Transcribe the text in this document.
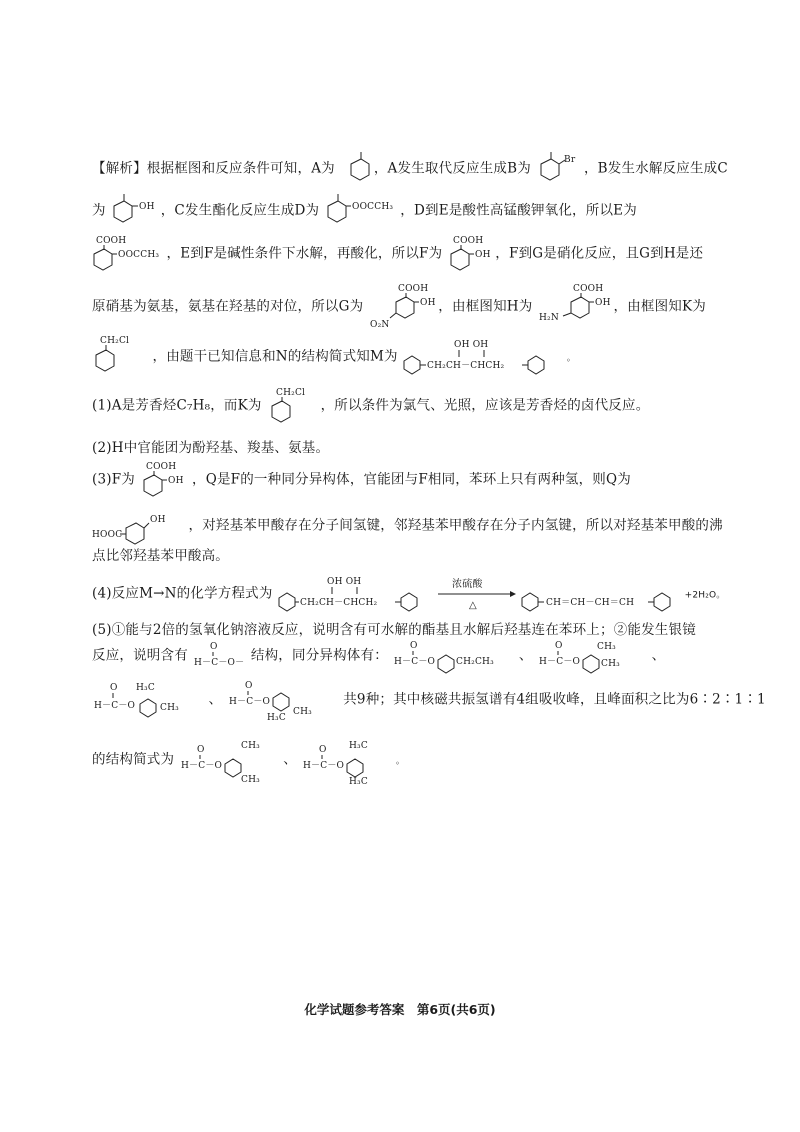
【解析】根据框图和反应条件可知，A为	，A发生取代反应生成B为
Br
，B发生水解反应生成C
为	OH ，C发生酯化反应生成D为	OOCCH₃ ，D到E是酸性高锰酸钾氧化，所以E为
COOH
OOCCH₃ ，E到F是碱性条件下水解，再酸化，所以F为
COOH
OH ，F到G是硝化反应，且G到H是还
原硝基为氨基，氨基在羟基的对位，所以G为
COOH
OH
O₂N
，由框图知H为
COOH
OH
H₂N
，由框图知K为
CH₂Cl
，由题干已知信息和N的结构简式知M为
OH OH
CH₂CH－CHCH₂
。
(1)A是芳香烃C₇H₈，而K为
CH₂Cl
，所以条件为氯气、光照，应该是芳香烃的卤代反应。
(2)H中官能团为酚羟基、羧基、氨基。
(3)F为
COOH
OH ，Q是F的一种同分异构体，官能团与F相同，苯环上只有两种氢，则Q为
HOOC
OH ，对羟基苯甲酸存在分子间氢键，邻羟基苯甲酸存在分子内氢键，所以对羟基苯甲酸的沸
点比邻羟基苯甲酸高。
(4)反应M→N的化学方程式为
OH OH
CH₂CH－CHCH₂

浓硫酸
△
	CH＝CH－CH＝CH
+2H₂O。
(5)①能与2倍的氢氧化钠溶液反应，说明含有可水解的酯基且水解后羟基连在苯环上；②能发生银镜
反应，说明含有
O
H－C－O－ 结构，同分异构体有：
O
H－C－O CH₂CH₃ 、
O
H－C－O
CH₃
CH₃
、
O
H－C－O
H₃C
CH₃
、
O
H－C－O
H₃C
CH₃
共9种；其中核磁共振氢谱有4组吸收峰，且峰面积之比为6∶2∶1∶1
的结构简式为
O
H－C－O
CH₃
CH₃
、
O
H－C－O
H₃C
H₃C
。
化学试题参考答案　第6页(共6页)
